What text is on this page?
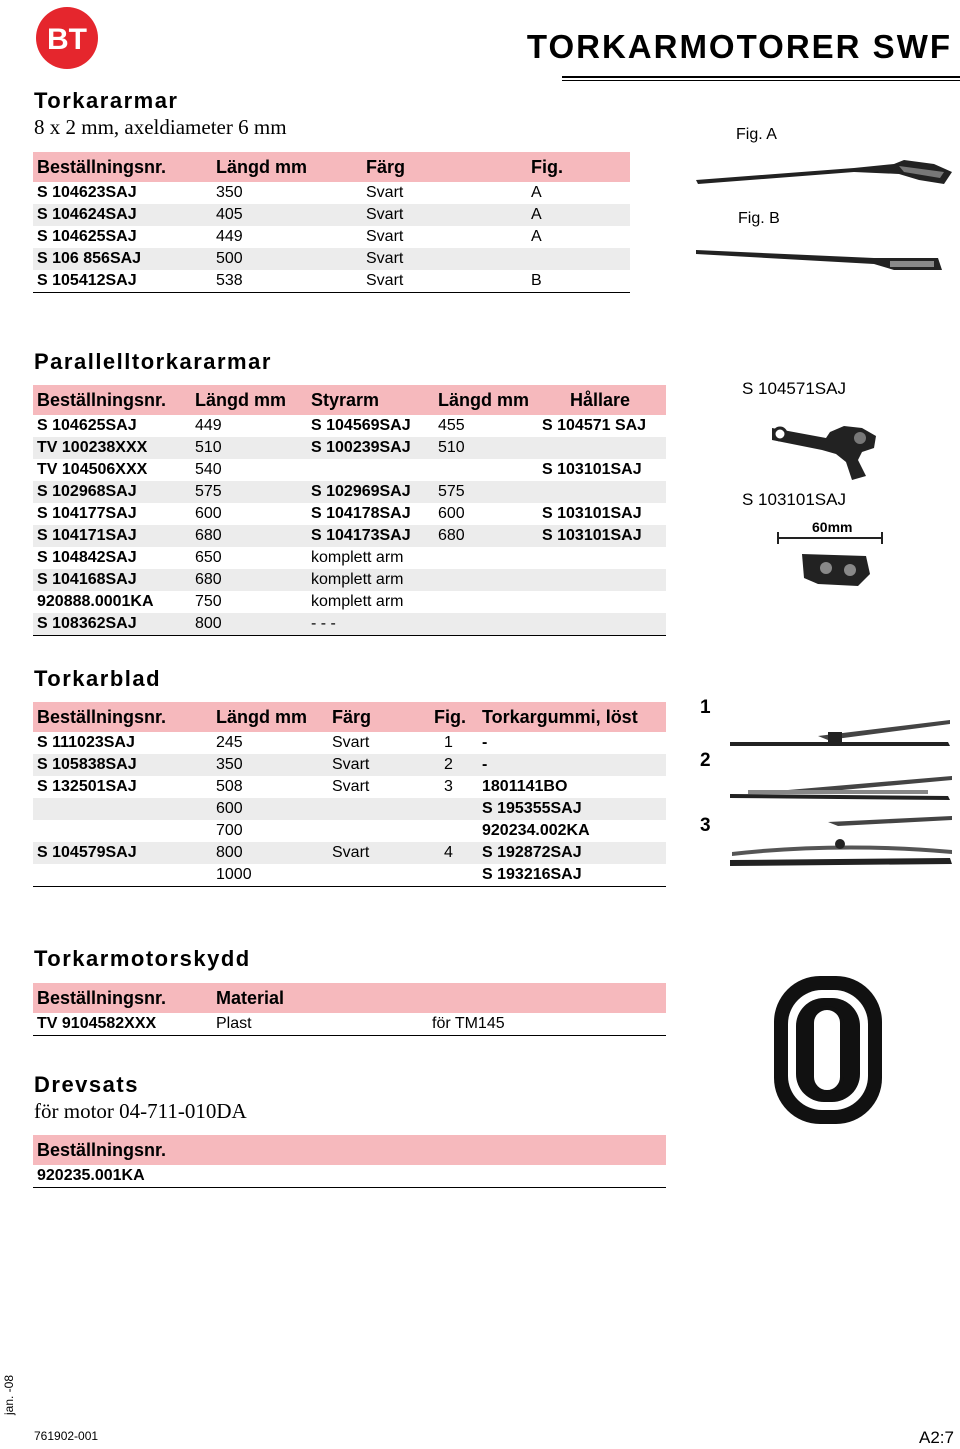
BT	TORKARMOTORER SWF
Torkararmar
8 x 2 mm, axeldiameter 6 mm
Beställningsnr.	Längd mm	Färg	Fig.
S 104623SAJ	350	Svart	A
S 104624SAJ	405	Svart	A
S 104625SAJ	449	Svart	A
S 106 856SAJ	500	Svart	
S 105412SAJ	538	Svart	B
Fig. A
Fig. B
Parallelltorkararmar
Beställningsnr.	Längd mm	Styrarm	Längd mm	Hållare
S 104625SAJ	449	S 104569SAJ	455	S 104571 SAJ
TV 100238XXX	510	S 100239SAJ	510	
TV 104506XXX	540			S 103101SAJ
S 102968SAJ	575	S 102969SAJ	575	
S 104177SAJ	600	S 104178SAJ	600	S 103101SAJ
S 104171SAJ	680	S 104173SAJ	680	S 103101SAJ
S 104842SAJ	650	komplett arm		
S 104168SAJ	680	komplett arm		
920888.0001KA	750	komplett arm		
S 108362SAJ	800	- - -		
S 104571SAJ
S 103101SAJ
60mm
Torkarblad
Beställningsnr.	Längd mm	Färg	Fig.	Torkargummi, löst
S 111023SAJ	245	Svart	1	-
S 105838SAJ	350	Svart	2	-
S 132501SAJ	508	Svart	3	1801141BO
	600			S 195355SAJ
	700			920234.002KA
S 104579SAJ	800	Svart	4	S 192872SAJ
	1000			S 193216SAJ
1
2
3
Torkarmotorskydd
Beställningsnr.	Material	
TV 9104582XXX	Plast	för TM145
Drevsats
för motor 04-711-010DA
Beställningsnr.
920235.001KA
jan. -08
761902-001	A2:7
